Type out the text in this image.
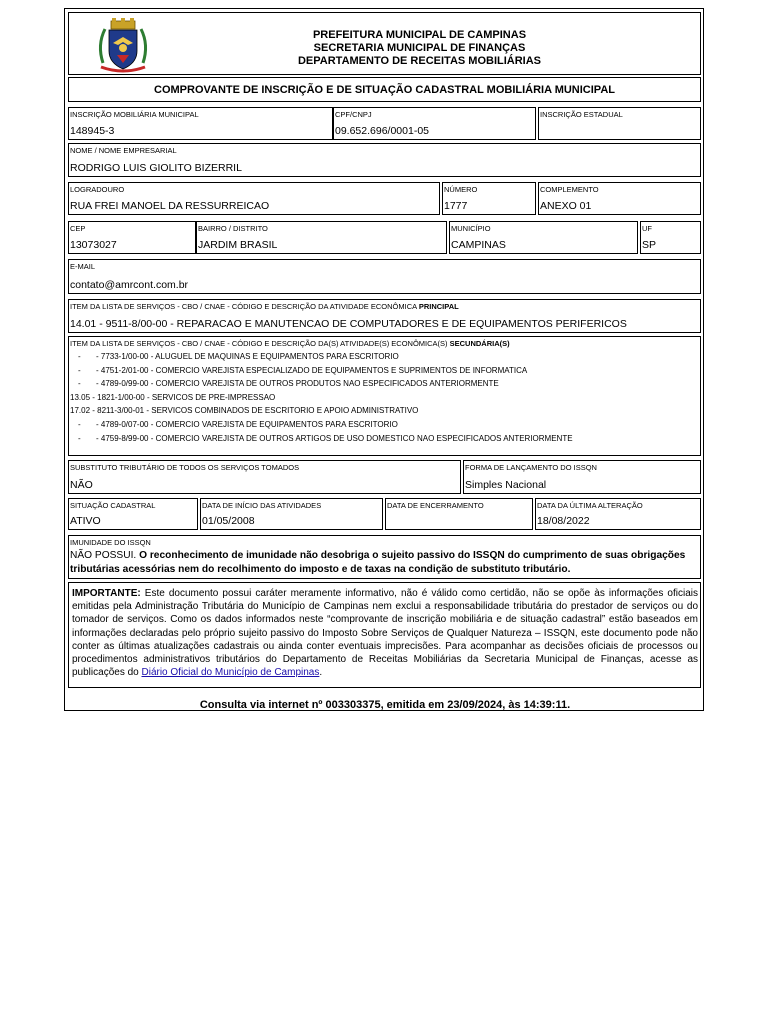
PREFEITURA MUNICIPAL DE CAMPINAS
SECRETARIA MUNICIPAL DE FINANÇAS
DEPARTAMENTO DE RECEITAS MOBILIÁRIAS
COMPROVANTE DE INSCRIÇÃO E DE SITUAÇÃO CADASTRAL MOBILIÁRIA MUNICIPAL
INSCRIÇÃO MOBILIÁRIA MUNICIPAL
148945-3
CPF/CNPJ
09.652.696/0001-05
INSCRIÇÃO ESTADUAL
NOME / NOME EMPRESARIAL
RODRIGO LUIS GIOLITO BIZERRIL
LOGRADOURO
RUA FREI MANOEL DA RESSURREICAO
NÚMERO
1777
COMPLEMENTO
ANEXO 01
CEP
13073027
BAIRRO / DISTRITO
JARDIM BRASIL
MUNICÍPIO
CAMPINAS
UF
SP
E-MAIL
contato@amrcont.com.br
ITEM DA LISTA DE SERVIÇOS - CBO / CNAE - CÓDIGO E DESCRIÇÃO DA ATIVIDADE ECONÔMICA PRINCIPAL
14.01 - 9511-8/00-00 - REPARACAO E MANUTENCAO DE COMPUTADORES E DE EQUIPAMENTOS PERIFERICOS
ITEM DA LISTA DE SERVIÇOS - CBO / CNAE - CÓDIGO E DESCRIÇÃO DA(S) ATIVIDADE(S) ECONÔMICA(S) SECUNDÁRIA(S)
- - 7733-1/00-00 - ALUGUEL DE MAQUINAS E EQUIPAMENTOS PARA ESCRITORIO
- - 4751-2/01-00 - COMERCIO VAREJISTA ESPECIALIZADO DE EQUIPAMENTOS E SUPRIMENTOS DE INFORMATICA
- - 4789-0/99-00 - COMERCIO VAREJISTA DE OUTROS PRODUTOS NAO ESPECIFICADOS ANTERIORMENTE
13.05 - 1821-1/00-00 - SERVICOS DE PRE-IMPRESSAO
17.02 - 8211-3/00-01 - SERVICOS COMBINADOS DE ESCRITORIO E APOIO ADMINISTRATIVO
- - 4789-0/07-00 - COMERCIO VAREJISTA DE EQUIPAMENTOS PARA ESCRITORIO
- - 4759-8/99-00 - COMERCIO VAREJISTA DE OUTROS ARTIGOS DE USO DOMESTICO NAO ESPECIFICADOS ANTERIORMENTE
SUBSTITUTO TRIBUTÁRIO DE TODOS OS SERVIÇOS TOMADOS
NÃO
FORMA DE LANÇAMENTO DO ISSQN
Simples Nacional
SITUAÇÃO CADASTRAL
ATIVO
DATA DE INÍCIO DAS ATIVIDADES
01/05/2008
DATA DE ENCERRAMENTO	DATA DA ÚLTIMA ALTERAÇÃO
18/08/2022
IMUNIDADE DO ISSQN
NÃO POSSUI. O reconhecimento de imunidade não desobriga o sujeito passivo do ISSQN do cumprimento de suas obrigações tributárias acessórias nem do recolhimento do imposto e de taxas na condição de substituto tributário.
IMPORTANTE: Este documento possui caráter meramente informativo, não é válido como certidão, não se opõe às informações oficiais emitidas pela Administração Tributária do Município de Campinas nem exclui a responsabilidade tributária do prestador de serviços ou do tomador de serviços. Como os dados informados neste “comprovante de inscrição mobiliária e de situação cadastral” estão baseados em informações declaradas pelo próprio sujeito passivo do Imposto Sobre Serviços de Qualquer Natureza – ISSQN, este documento pode não conter as últimas atualizações cadastrais ou ainda conter eventuais imprecisões. Para acompanhar as decisões oficiais de processos ou procedimentos administrativos tributários do Departamento de Receitas Mobiliárias da Secretaria Municipal de Finanças, acesse as publicações do Diário Oficial do Município de Campinas.
Consulta via internet nº 003303375, emitida em 23/09/2024, às 14:39:11.
